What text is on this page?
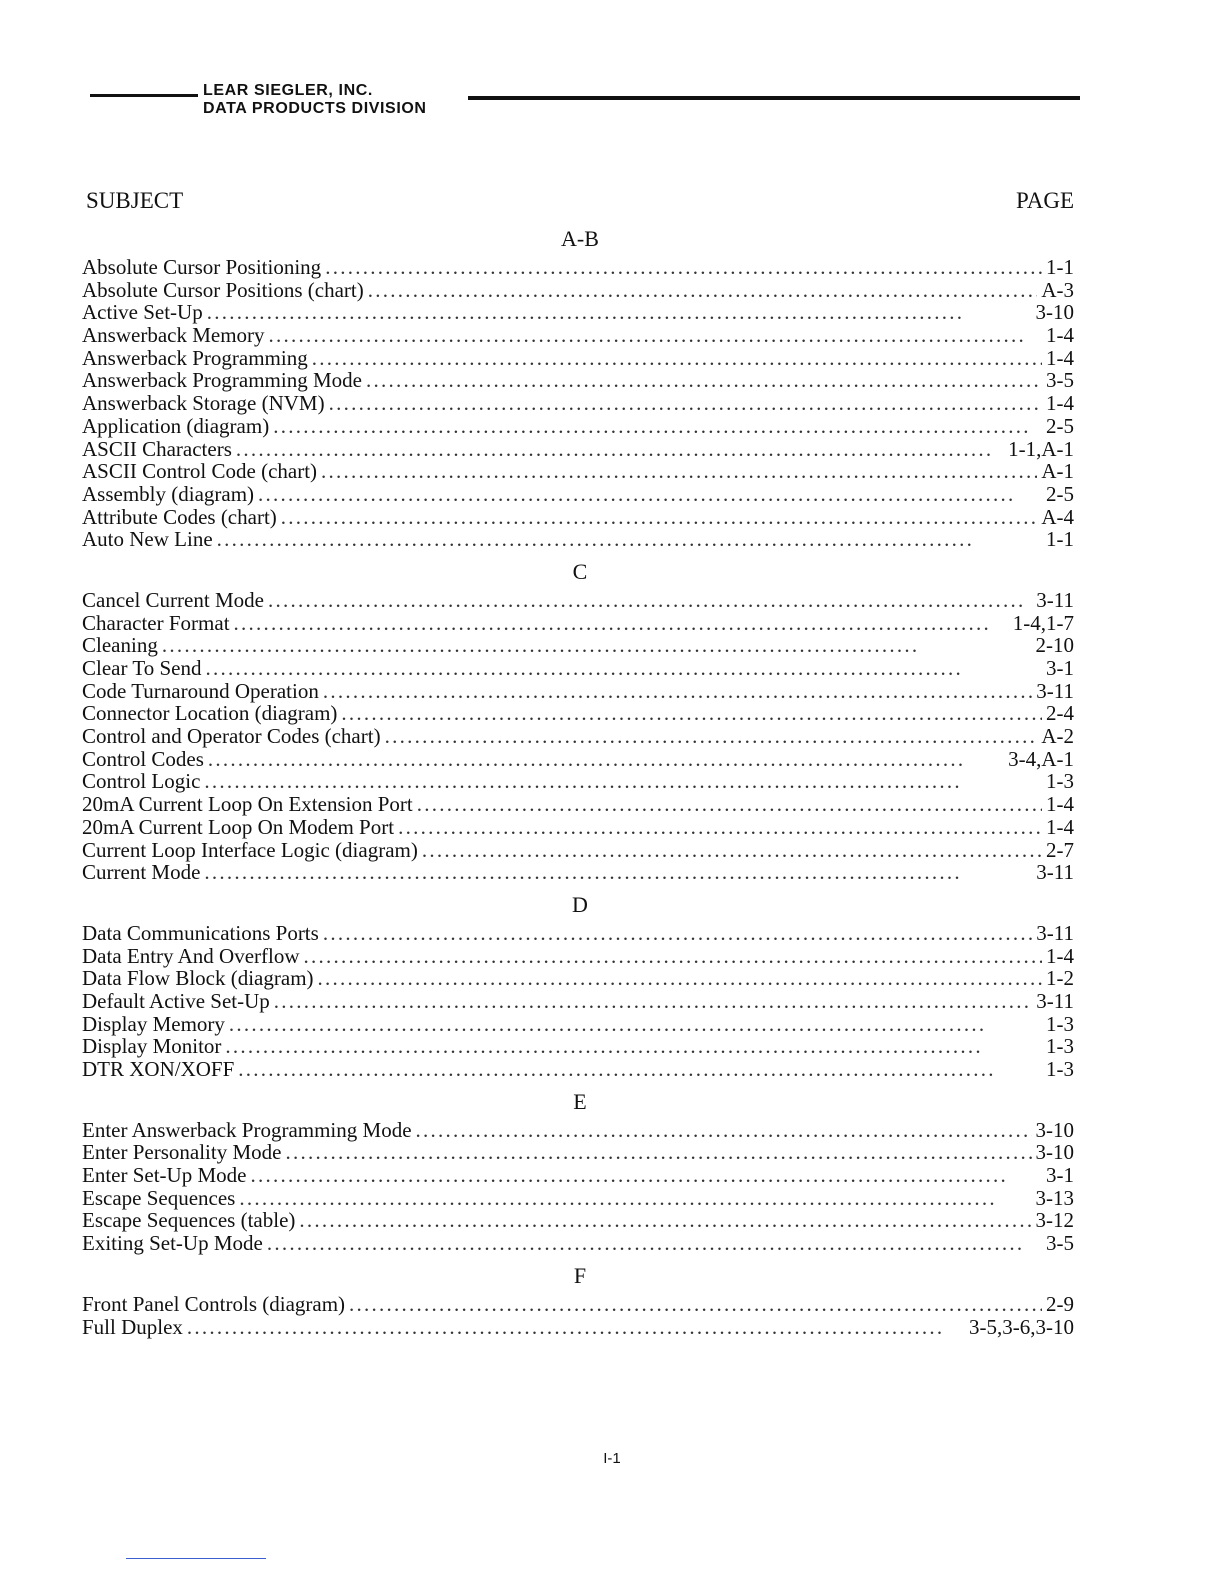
LEAR SIEGLER, INC.
DATA PRODUCTS DIVISION
SUBJECT	PAGE
A-B
Absolute Cursor Positioning . . .	1-1
Absolute Cursor Positions (chart) . . .	A-3
Active Set-Up . . .	3-10
Answerback Memory . . .	1-4
Answerback Programming . . .	1-4
Answerback Programming Mode . . .	3-5
Answerback Storage (NVM) . . .	1-4
Application (diagram) . . .	2-5
ASCII Characters . . .	1-1,A-1
ASCII Control Code (chart) . . .	A-1
Assembly (diagram) . . .	2-5
Attribute Codes (chart) . . .	A-4
Auto New Line . . .	1-1
C
Cancel Current Mode . . .	3-11
Character Format . . .	1-4,1-7
Cleaning . . .	2-10
Clear To Send . . .	3-1
Code Turnaround Operation . . .	3-11
Connector Location (diagram) . . .	2-4
Control and Operator Codes (chart) . . .	A-2
Control Codes . . .	3-4,A-1
Control Logic . . .	1-3
20mA Current Loop On Extension Port . . .	1-4
20mA Current Loop On Modem Port . . .	1-4
Current Loop Interface Logic (diagram) . . .	2-7
Current Mode . . .	3-11
D
Data Communications Ports . . .	3-11
Data Entry And Overflow . . .	1-4
Data Flow Block (diagram) . . .	1-2
Default Active Set-Up . . .	3-11
Display Memory . . .	1-3
Display Monitor . . .	1-3
DTR XON/XOFF . . .	1-3
E
Enter Answerback Programming Mode . . .	3-10
Enter Personality Mode . . .	3-10
Enter Set-Up Mode . . .	3-1
Escape Sequences . . .	3-13
Escape Sequences (table) . . .	3-12
Exiting Set-Up Mode . . .	3-5
F
Front Panel Controls (diagram) . . .	2-9
Full Duplex . . .	3-5,3-6,3-10
I-1
